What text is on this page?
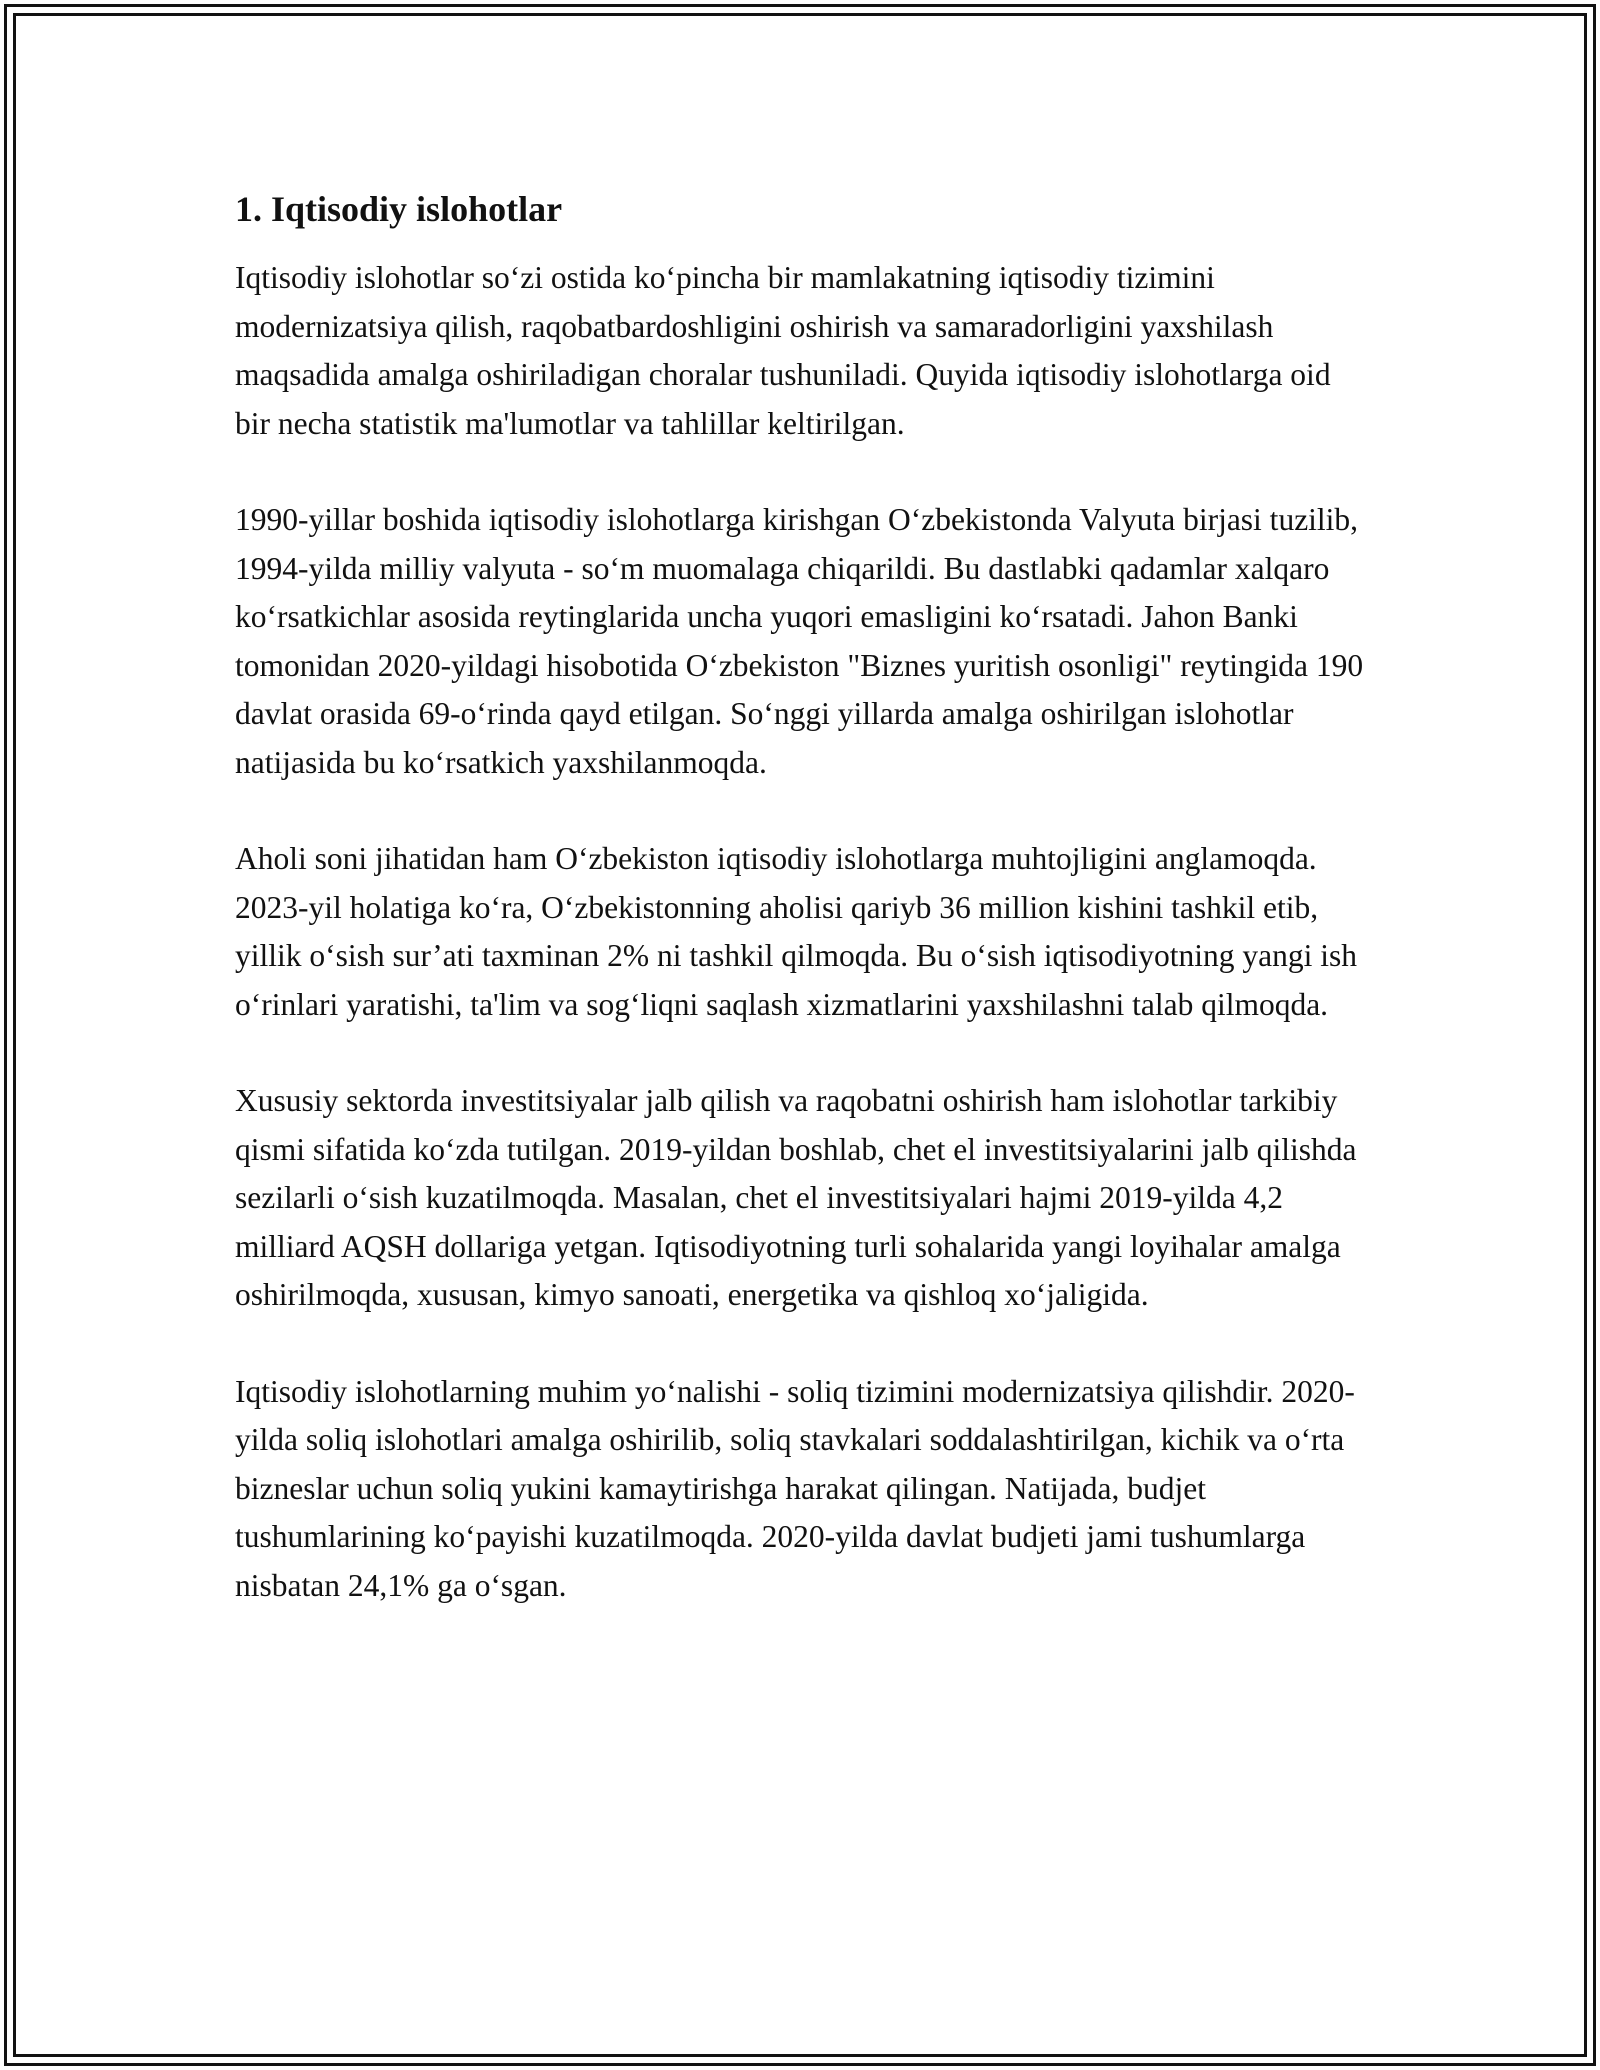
1. Iqtisodiy islohotlar

Iqtisodiy islohotlar so‘zi ostida ko‘pincha bir mamlakatning iqtisodiy tizimini modernizatsiya qilish, raqobatbardoshligini oshirish va samaradorligini yaxshilash maqsadida amalga oshiriladigan choralar tushuniladi. Quyida iqtisodiy islohotlarga oid bir necha statistik ma'lumotlar va tahlillar keltirilgan.

1990-yillar boshida iqtisodiy islohotlarga kirishgan O‘zbekistonda Valyuta birjasi tuzilib, 1994-yilda milliy valyuta - so‘m muomalaga chiqarildi. Bu dastlabki qadamlar xalqaro ko‘rsatkichlar asosida reytinglarida uncha yuqori emasligini ko‘rsatadi. Jahon Banki tomonidan 2020-yildagi hisobotida O‘zbekiston "Biznes yuritish osonligi" reytingida 190 davlat orasida 69-o‘rinda qayd etilgan. So‘nggi yillarda amalga oshirilgan islohotlar natijasida bu ko‘rsatkich yaxshilanmoqda.

Aholi soni jihatidan ham O‘zbekiston iqtisodiy islohotlarga muhtojligini anglamoqda. 2023-yil holatiga ko‘ra, O‘zbekistonning aholisi qariyb 36 million kishini tashkil etib, yillik o‘sish sur’ati taxminan 2% ni tashkil qilmoqda. Bu o‘sish iqtisodiyotning yangi ish o‘rinlari yaratishi, ta'lim va sog‘liqni saqlash xizmatlarini yaxshilashni talab qilmoqda.

Xususiy sektorda investitsiyalar jalb qilish va raqobatni oshirish ham islohotlar tarkibiy qismi sifatida ko‘zda tutilgan. 2019-yildan boshlab, chet el investitsiyalarini jalb qilishda sezilarli o‘sish kuzatilmoqda. Masalan, chet el investitsiyalari hajmi 2019-yilda 4,2 milliard AQSH dollariga yetgan. Iqtisodiyotning turli sohalarida yangi loyihalar amalga oshirilmoqda, xususan, kimyo sanoati, energetika va qishloq xo‘jaligida.

Iqtisodiy islohotlarning muhim yo‘nalishi - soliq tizimini modernizatsiya qilishdir. 2020-yilda soliq islohotlari amalga oshirilib, soliq stavkalari soddalashtirilgan, kichik va o‘rta bizneslar uchun soliq yukini kamaytirishga harakat qilingan. Natijada, budjet tushumlarining ko‘payishi kuzatilmoqda. 2020-yilda davlat budjeti jami tushumlarga nisbatan 24,1% ga o‘sgan.
